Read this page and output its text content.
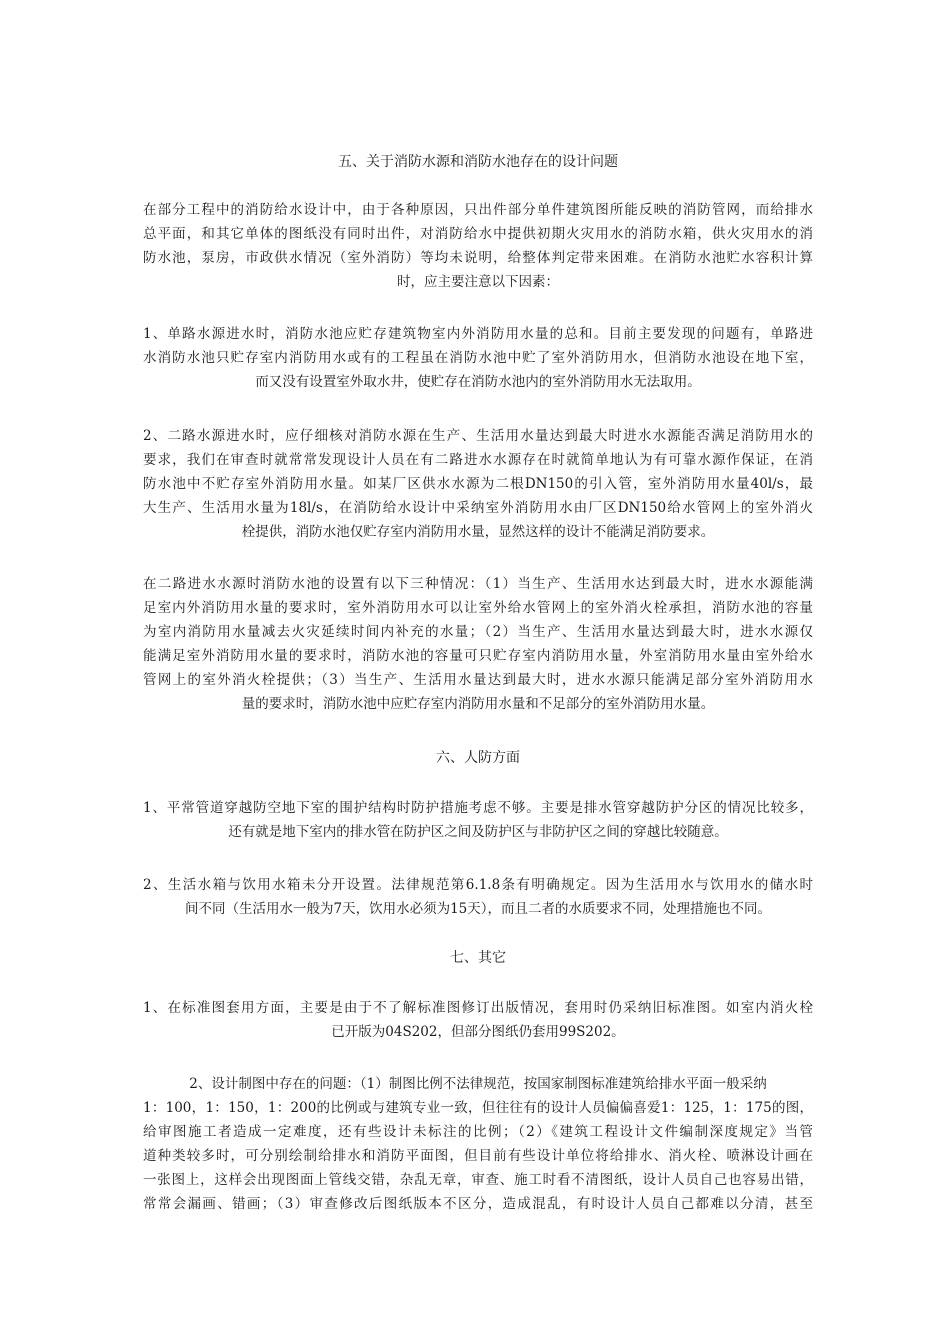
五、关于消防水源和消防水池存在的设计问题
在部分工程中的消防给水设计中，由于各种原因，只出件部分单件建筑图所能反映的消防管网，而给排水
总平面，和其它单体的图纸没有同时出件，对消防给水中提供初期火灾用水的消防水箱，供火灾用水的消
防水池，泵房，市政供水情况（室外消防）等均未说明，给整体判定带来困难。在消防水池贮水容积计算
时，应主要注意以下因素：
1、单路水源进水时，消防水池应贮存建筑物室内外消防用水量的总和。目前主要发现的问题有，单路进
水消防水池只贮存室内消防用水或有的工程虽在消防水池中贮了室外消防用水，但消防水池设在地下室，
而又没有设置室外取水井，使贮存在消防水池内的室外消防用水无法取用。
2、二路水源进水时，应仔细核对消防水源在生产、生活用水量达到最大时进水水源能否满足消防用水的
要求，我们在审查时就常常发现设计人员在有二路进水水源存在时就简单地认为有可靠水源作保证，在消
防水池中不贮存室外消防用水量。如某厂区供水水源为二根DN150的引入管，室外消防用水量40l/s，最
大生产、生活用水量为18l/s，在消防给水设计中采纳室外消防用水由厂区DN150给水管网上的室外消火
栓提供，消防水池仅贮存室内消防用水量，显然这样的设计不能满足消防要求。
在二路进水水源时消防水池的设置有以下三种情况：（1）当生产、生活用水达到最大时，进水水源能满
足室内外消防用水量的要求时，室外消防用水可以让室外给水管网上的室外消火栓承担，消防水池的容量
为室内消防用水量减去火灾延续时间内补充的水量；（2）当生产、生活用水量达到最大时，进水水源仅
能满足室外消防用水量的要求时，消防水池的容量可只贮存室内消防用水量，外室消防用水量由室外给水
管网上的室外消火栓提供；（3）当生产、生活用水量达到最大时，进水水源只能满足部分室外消防用水
量的要求时，消防水池中应贮存室内消防用水量和不足部分的室外消防用水量。
六、人防方面
1、平常管道穿越防空地下室的围护结构时防护措施考虑不够。主要是排水管穿越防护分区的情况比较多，
还有就是地下室内的排水管在防护区之间及防护区与非防护区之间的穿越比较随意。
2、生活水箱与饮用水箱未分开设置。法律规范第6.1.8条有明确规定。因为生活用水与饮用水的储水时
间不同（生活用水一般为7天，饮用水必须为15天），而且二者的水质要求不同，处理措施也不同。
七、其它
1、在标准图套用方面，主要是由于不了解标准图修订出版情况，套用时仍采纳旧标准图。如室内消火栓
已开版为04S202，但部分图纸仍套用99S202。
2、设计制图中存在的问题：（1）制图比例不法律规范，按国家制图标准建筑给排水平面一般采纳
1：100，1：150，1：200的比例或与建筑专业一致，但往往有的设计人员偏偏喜爱1：125，1：175的图，
给审图施工者造成一定难度，还有些设计未标注的比例；（2）《建筑工程设计文件编制深度规定》当管
道种类较多时，可分别绘制给排水和消防平面图，但目前有些设计单位将给排水、消火栓、喷淋设计画在
一张图上，这样会出现图面上管线交错，杂乱无章，审查、施工时看不清图纸，设计人员自己也容易出错，
常常会漏画、错画；（3）审查修改后图纸版本不区分，造成混乱，有时设计人员自己都难以分清，甚至
